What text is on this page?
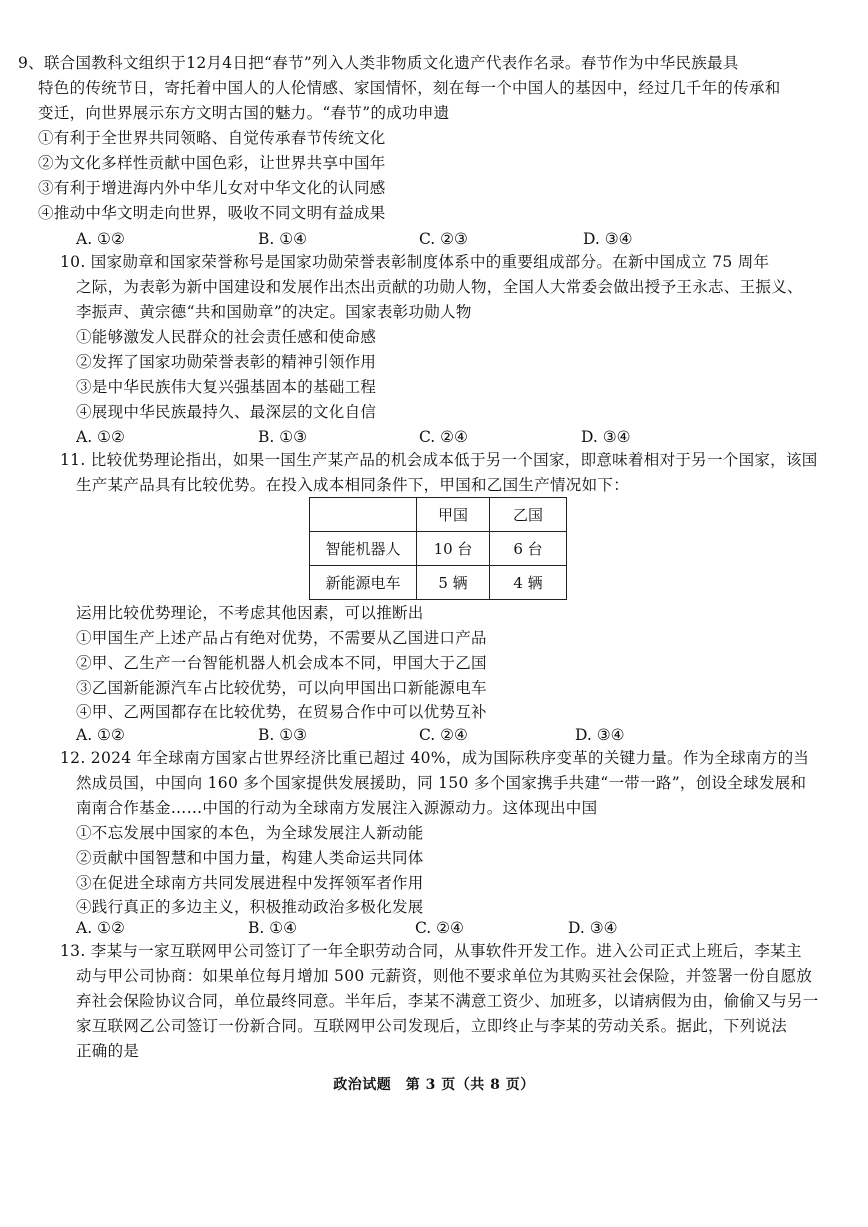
9、联合国教科文组织于12月4日把“春节”列入人类非物质文化遗产代表作名录。春节作为中华民族最具
特色的传统节日，寄托着中国人的人伦情感、家国情怀，刻在每一个中国人的基因中，经过几千年的传承和
变迁，向世界展示东方文明古国的魅力。“春节”的成功申遗
①有利于全世界共同领略、自觉传承春节传统文化
②为文化多样性贡献中国色彩，让世界共享中国年
③有利于增进海内外中华儿女对中华文化的认同感
④推动中华文明走向世界，吸收不同文明有益成果
A. ①②	B. ①④	C. ②③	D. ③④
10. 国家勋章和国家荣誉称号是国家功勋荣誉表彰制度体系中的重要组成部分。在新中国成立 75 周年
之际，为表彰为新中国建设和发展作出杰出贡献的功勋人物，全国人大常委会做出授予王永志、王振义、
李振声、黄宗德“共和国勋章”的决定。国家表彰功勋人物
①能够激发人民群众的社会责任感和使命感
②发挥了国家功勋荣誉表彰的精神引领作用
③是中华民族伟大复兴强基固本的基础工程
④展现中华民族最持久、最深层的文化自信
A. ①②	B. ①③	C. ②④	D. ③④
11. 比较优势理论指出，如果一国生产某产品的机会成本低于另一个国家，即意味着相对于另一个国家，该国
生产某产品具有比较优势。在投入成本相同条件下，甲国和乙国生产情况如下：
	甲国	乙国
智能机器人	10 台	6 台
新能源电车	5 辆	4 辆
运用比较优势理论，不考虑其他因素，可以推断出
①甲国生产上述产品占有绝对优势，不需要从乙国进口产品
②甲、乙生产一台智能机器人机会成本不同，甲国大于乙国
③乙国新能源汽车占比较优势，可以向甲国出口新能源电车
④甲、乙两国都存在比较优势，在贸易合作中可以优势互补
A. ①②	B. ①③	C. ②④	D. ③④
12. 2024 年全球南方国家占世界经济比重已超过 40%，成为国际秩序变革的关键力量。作为全球南方的当
然成员国，中国向 160 多个国家提供发展援助，同 150 多个国家携手共建“一带一路”，创设全球发展和
南南合作基金……中国的行动为全球南方发展注入源源动力。这体现出中国
①不忘发展中国家的本色，为全球发展注人新动能
②贡献中国智慧和中国力量，构建人类命运共同体
③在促进全球南方共同发展进程中发挥领军者作用
④践行真正的多边主义，积极推动政治多极化发展
A. ①②	B. ①④	C. ②④	D. ③④
13. 李某与一家互联网甲公司签订了一年全职劳动合同，从事软件开发工作。进入公司正式上班后，李某主
动与甲公司协商：如果单位每月增加 500 元薪资，则他不要求单位为其购买社会保险，并签署一份自愿放
弃社会保险协议合同，单位最终同意。半年后，李某不满意工资少、加班多，以请病假为由，偷偷又与另一
家互联网乙公司签订一份新合同。互联网甲公司发现后，立即终止与李某的劳动关系。据此，下列说法
正确的是
政治试题　第 3 页（共 8 页）
